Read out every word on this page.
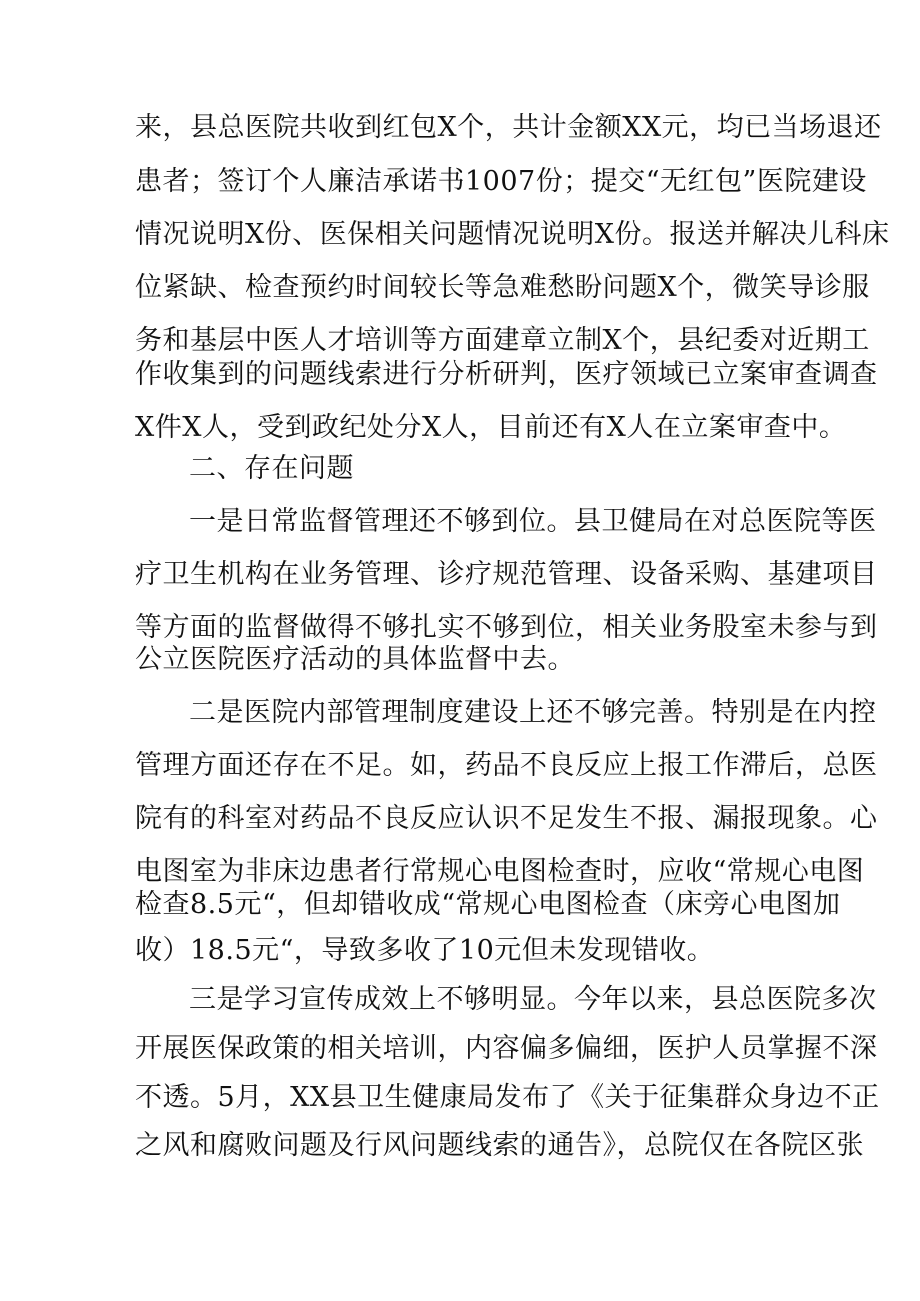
来，县总医院共收到红包X个，共计金额XX元，均已当场退还
患者；签订个人廉洁承诺书1007份；提交“无红包”医院建设
情况说明X份、医保相关问题情况说明X份。报送并解决儿科床
位紧缺、检查预约时间较长等急难愁盼问题X个，微笑导诊服
务和基层中医人才培训等方面建章立制X个，县纪委对近期工
作收集到的问题线索进行分析研判，医疗领域已立案审查调查
X件X人，受到政纪处分X人，目前还有X人在立案审查中。
二、存在问题
一是日常监督管理还不够到位。县卫健局在对总医院等医
疗卫生机构在业务管理、诊疗规范管理、设备采购、基建项目
等方面的监督做得不够扎实不够到位，相关业务股室未参与到
公立医院医疗活动的具体监督中去。
二是医院内部管理制度建设上还不够完善。特别是在内控
管理方面还存在不足。如，药品不良反应上报工作滞后，总医
院有的科室对药品不良反应认识不足发生不报、漏报现象。心
电图室为非床边患者行常规心电图检查时，应收“常规心电图
检查8.5元“，但却错收成“常规心电图检查（床旁心电图加
收）18.5元“，导致多收了10元但未发现错收。
三是学习宣传成效上不够明显。今年以来，县总医院多次
开展医保政策的相关培训，内容偏多偏细，医护人员掌握不深
不透。5月，XX县卫生健康局发布了《关于征集群众身边不正
之风和腐败问题及行风问题线索的通告》，总院仅在各院区张
